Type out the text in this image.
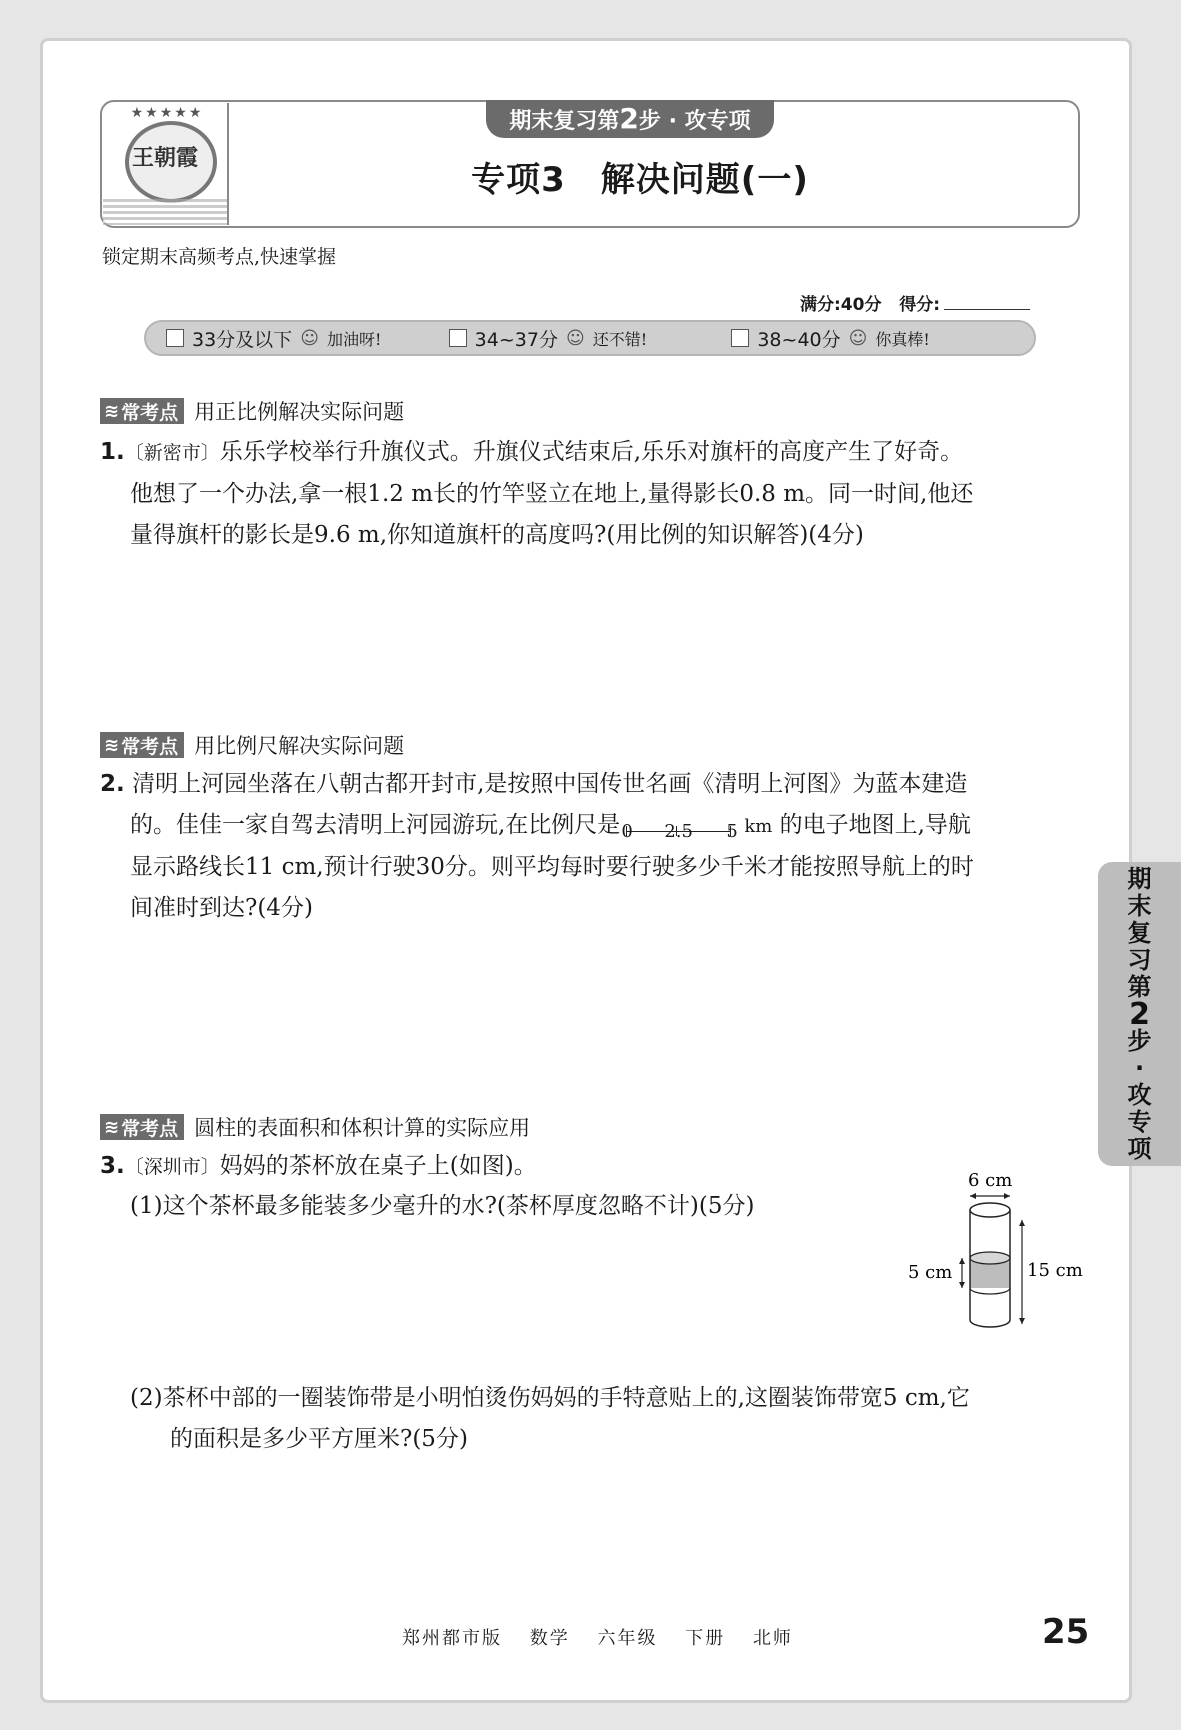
★★★★★
王朝霞
期末复习第2步 · 攻专项
专项3　解决问题(一)
锁定期末高频考点,快速掌握
满分:40分 得分:
33分及以下 ☺ 加油呀!	34~37分 ☺ 还不错!	38~40分 ☺ 你真棒!
≋ 常考点 用正比例解决实际问题
1.〔新密市〕乐乐学校举行升旗仪式。升旗仪式结束后,乐乐对旗杆的高度产生了好奇。
他想了一个办法,拿一根1.2 m长的竹竿竖立在地上,量得影长0.8 m。同一时间,他还
量得旗杆的影长是9.6 m,你知道旗杆的高度吗?(用比例的知识解答)(4分)
≋ 常考点 用比例尺解决实际问题
2. 清明上河园坐落在八朝古都开封市,是按照中国传世名画《清明上河图》为蓝本建造
的。佳佳一家自驾去清明上河园游玩,在比例尺是 0 2.5 5 km 的电子地图上,导航
显示路线长11 cm,预计行驶30分。则平均每时要行驶多少千米才能按照导航上的时
间准时到达?(4分)
≋ 常考点 圆柱的表面积和体积计算的实际应用
3.〔深圳市〕妈妈的茶杯放在桌子上(如图)。
(1)这个茶杯最多能装多少毫升的水?(茶杯厚度忽略不计)(5分)
6 cm
5 cm	15 cm
(2)茶杯中部的一圈装饰带是小明怕烫伤妈妈的手特意贴上的,这圈装饰带宽5 cm,它
的面积是多少平方厘米?(5分)
期
末
复
习
第
2
步
·
攻
专
项
郑州都市版 数学 六年级 下册 北师	25
